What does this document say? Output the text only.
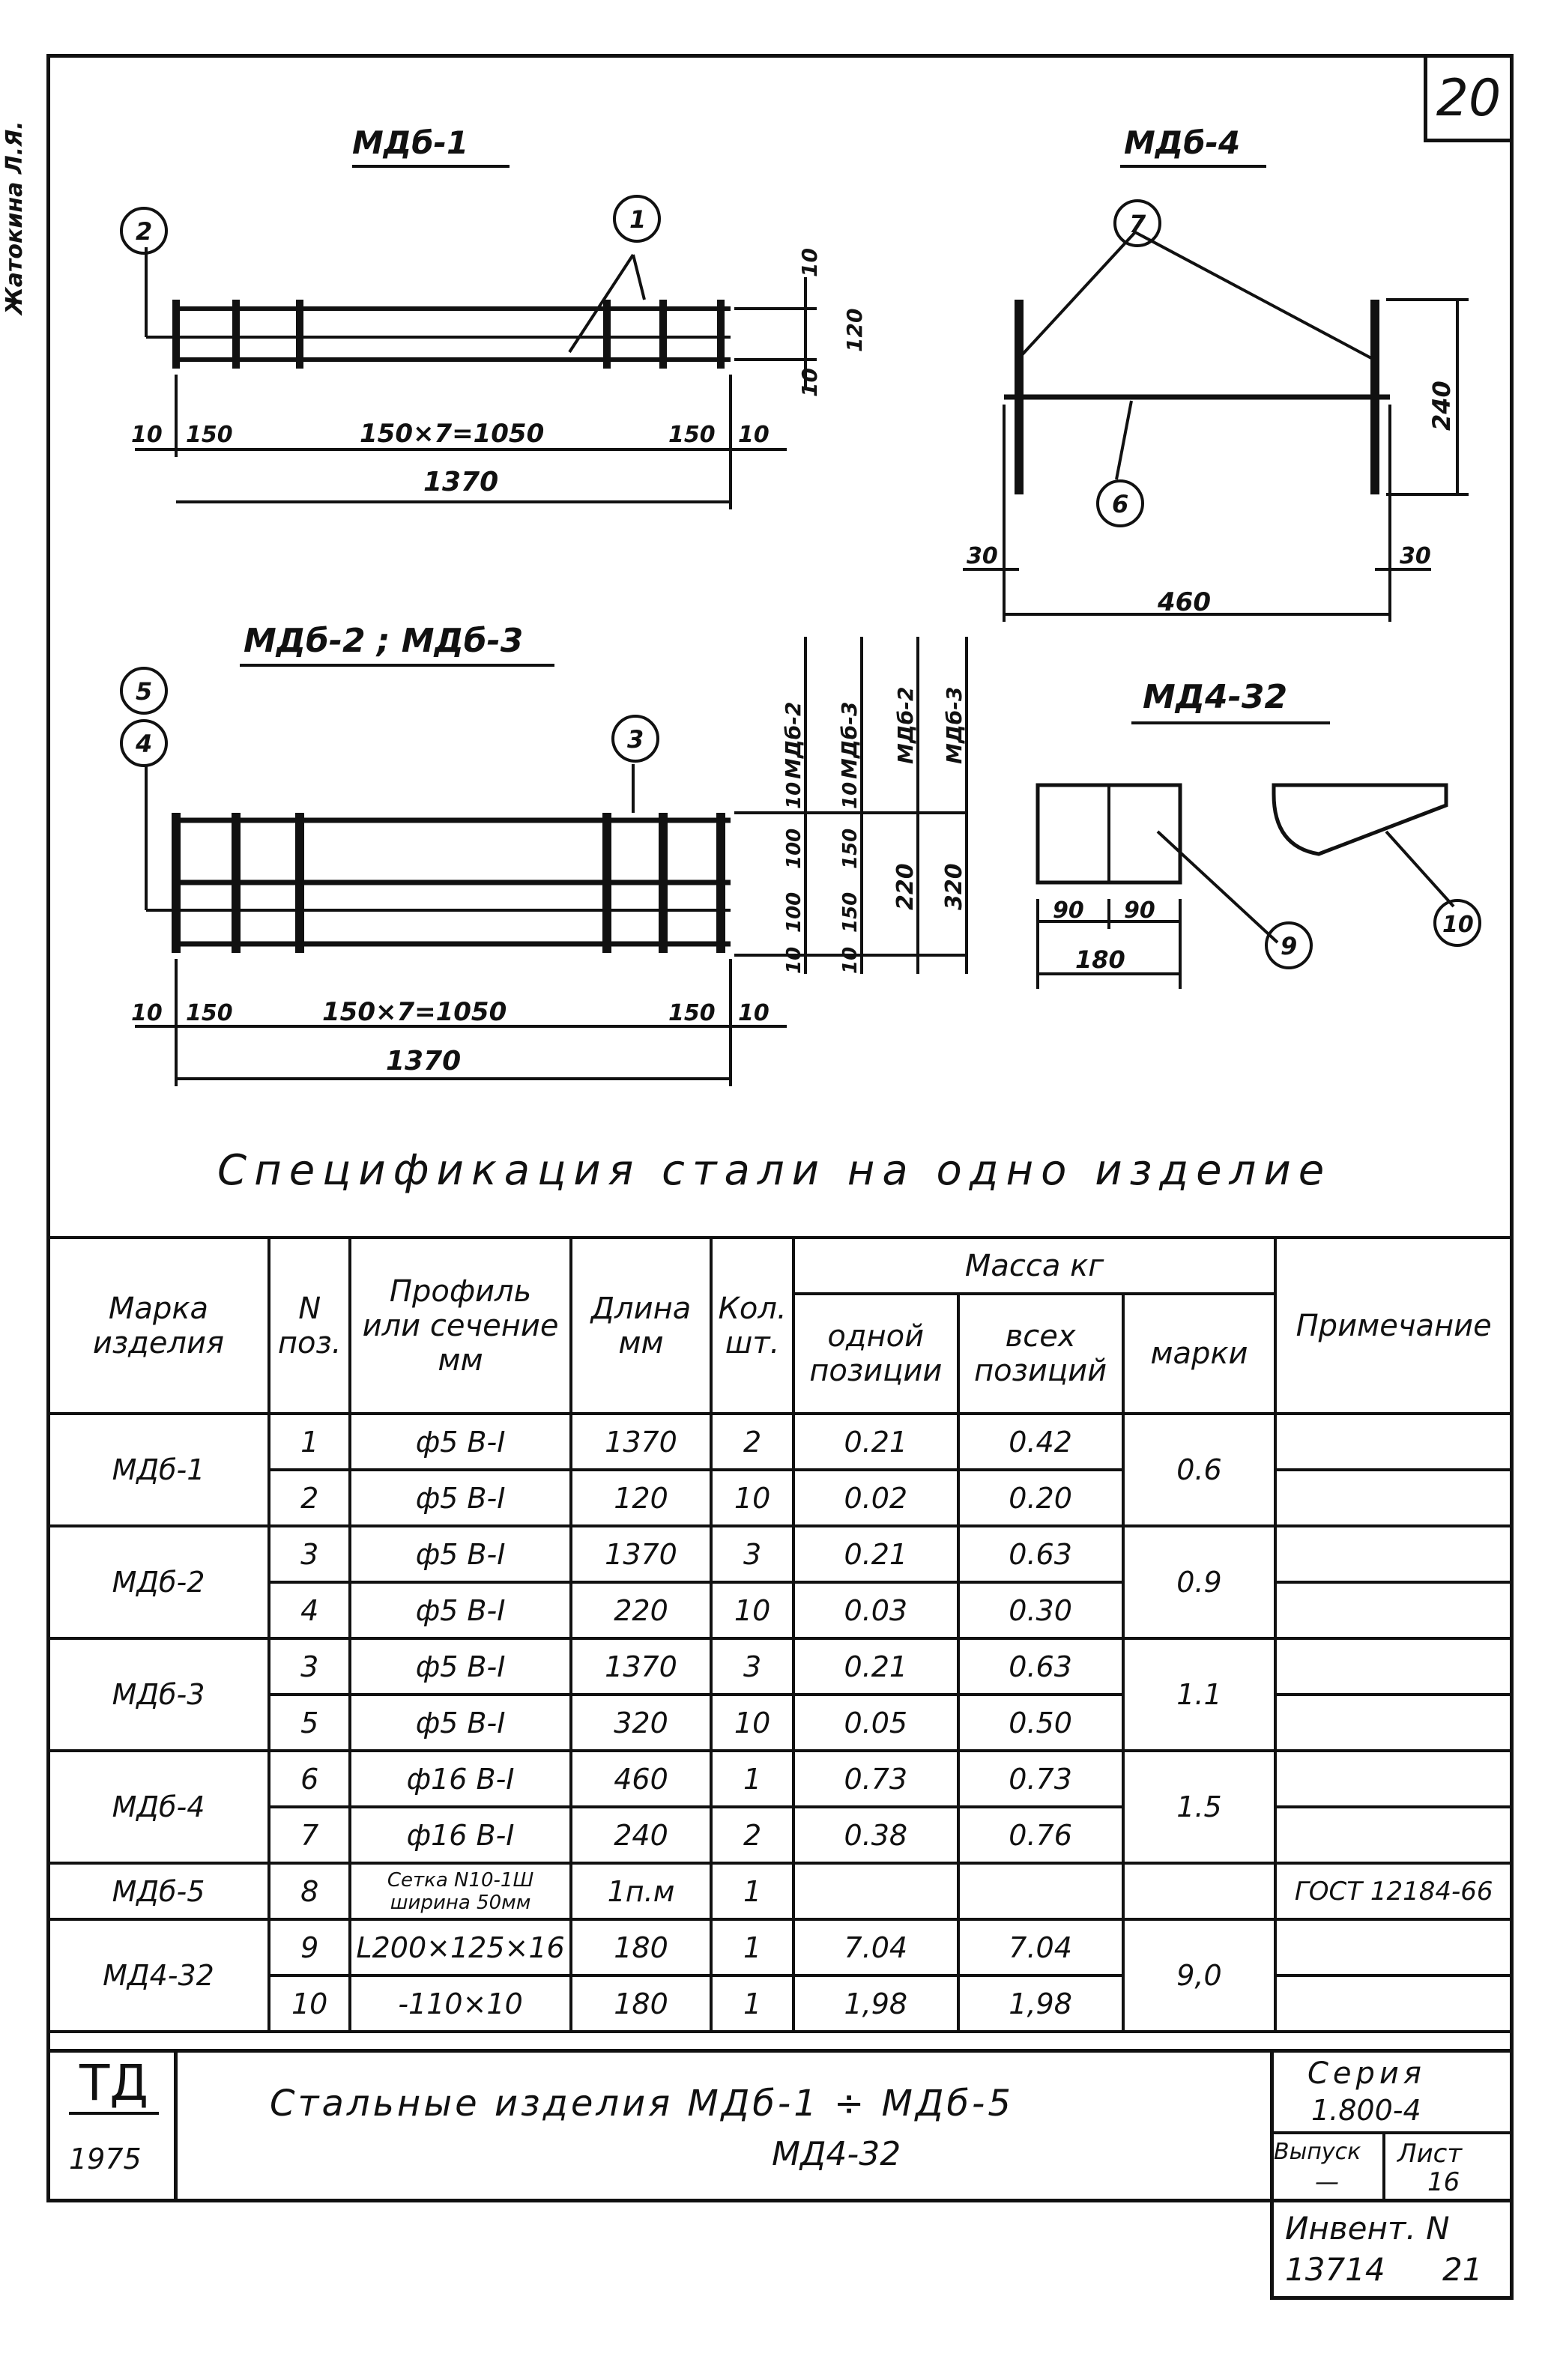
20
Жатокина Л.Я.	МДб-1
2	1
10 150	150×7=1050	150 10
1370
10
120
10
МДб-4
7
6
240
460
30	30
МДб-2 ; МДб-3
5
4	3
10 150	150×7=1050	150 10
1370
МДб-2 МДб-3 МДб-2 МДб-3
10
100
100
10
10
150
150
10
220 320
МД4-32
9
10
90 90
180
Спецификация стали на одно изделие
Марка изделия	N поз.	Профиль или сечение мм	Длина мм	Кол. шт.	Масса кг			Примечание
					одной позиции	всех позиций	марки	
МДб-1	1	ф5 В-I	1370	2	0.21	0.42	0.6	
	2	ф5 В-I	120	10	0.02	0.20		
МДб-2	3	ф5 В-I	1370	3	0.21	0.63	0.9	
	4	ф5 В-I	220	10	0.03	0.30		
МДб-3	3	ф5 В-I	1370	3	0.21	0.63	1.1	
	5	ф5 В-I	320	10	0.05	0.50		
МДб-4	6	ф16 В-I	460	1	0.73	0.73	1.5	
	7	ф16 В-I	240	2	0.38	0.76		
МДб-5	8	Сетка N10-1Ш ширина 50мм	1п.м	1				ГОСТ 12184-66
МД4-32	9	L200×125×16	180	1	7.04	7.04	9,0	
	10	-110×10	180	1	1,98	1,98		
ТД
1975
Стальные изделия МДб-1 ÷ МДб-5
МД4-32
Серия
1.800-4
Выпуск
—
Лист
16
Инвент. N
13714 21
